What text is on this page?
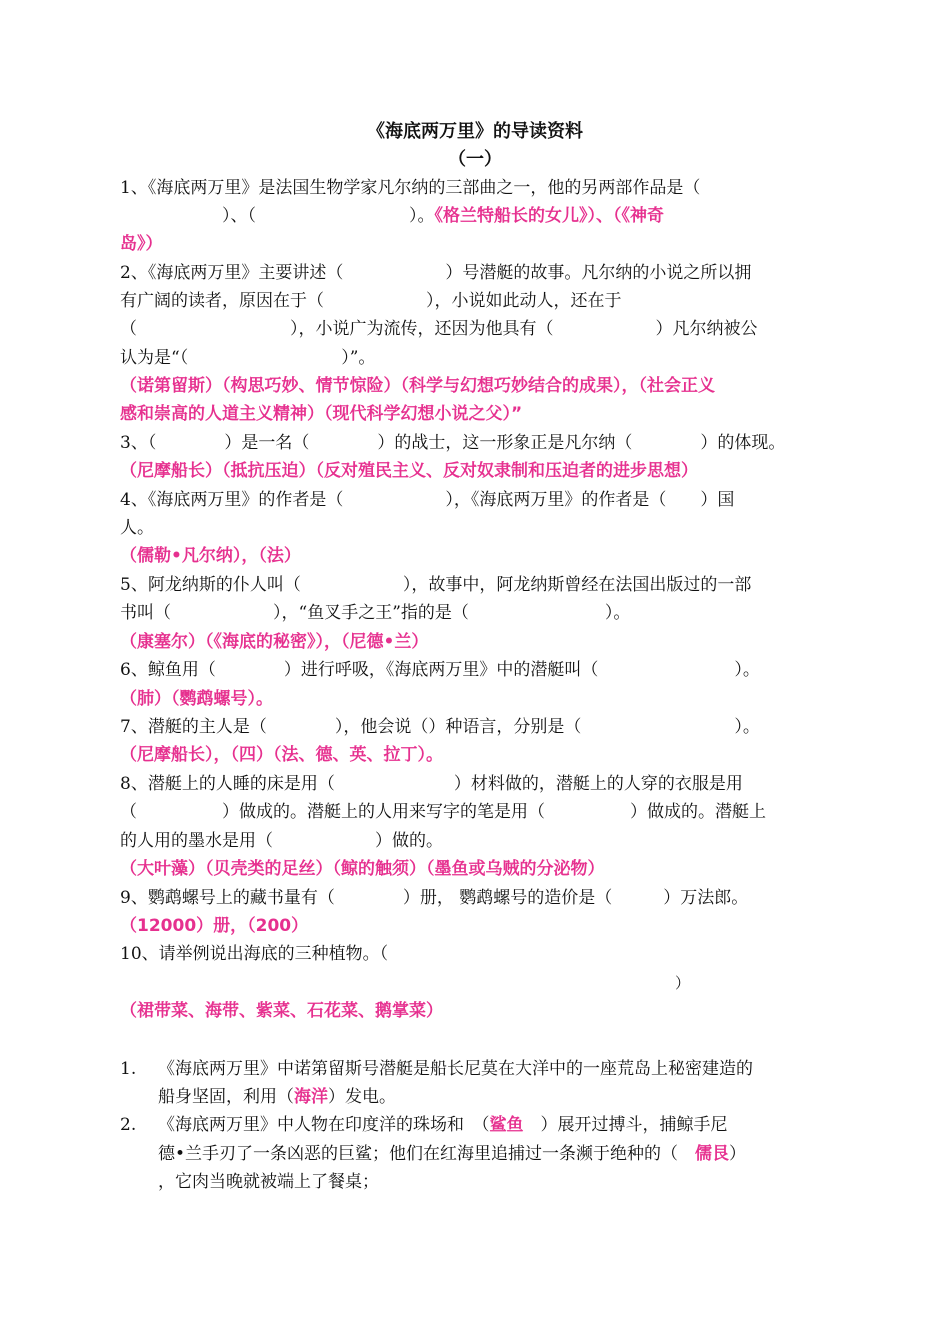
《海底两万里》的导读资料
（一）

1、《海底两万里》是法国生物学家凡尔纳的三部曲之一，他的另两部作品是（

　　　　　　）、（　　　　　　　　　）。《格兰特船长的女儿》）、（《神奇

岛》）

2、《海底两万里》主要讲述（　　　　　　）号潜艇的故事。凡尔纳的小说之所以拥

有广阔的读者，原因在于（　　　　　　），小说如此动人，还在于

（　　　　　　　　　），小说广为流传，还因为他具有（　　　　　　）凡尔纳被公

认为是“（　　　　　　　　　）”。

（诺第留斯）（构思巧妙、情节惊险）（科学与幻想巧妙结合的成果），（社会正义

感和崇高的人道主义精神）（现代科学幻想小说之父）”

3、（　　　　）是一名（　　　　）的战士，这一形象正是凡尔纳（　　　　）的体现。

（尼摩船长）（抵抗压迫）（反对殖民主义、反对奴隶制和压迫者的进步思想）

4、《海底两万里》的作者是（　　　　　　），《海底两万里》的作者是（　　）国

人。

（儒勒•凡尔纳），（法）

5、阿龙纳斯的仆人叫（　　　　　　），故事中，阿龙纳斯曾经在法国出版过的一部

书叫（　　　　　　），“鱼叉手之王”指的是（　　　　　　　　）。

（康塞尔）（《海底的秘密》），（尼德•兰）

6、鲸鱼用（　　　　）进行呼吸，《海底两万里》中的潜艇叫（　　　　　　　　）。

（肺）（鹦鹉螺号）。

7、潜艇的主人是（　　　　），他会说（）种语言，分别是（　　　　　　　　　）。

（尼摩船长），（四）（法、德、英、拉丁）。

8、潜艇上的人睡的床是用（　　　　　　　）材料做的，潜艇上的人穿的衣服是用

（　　　　　）做成的。潜艇上的人用来写字的笔是用（　　　　　）做成的。潜艇上

的人用的墨水是用（　　　　　　）做的。

（大叶藻）（贝壳类的足丝）（鲸的触须）（墨鱼或乌贼的分泌物）

9、鹦鹉螺号上的藏书量有（　　　　）册， 鹦鹉螺号的造价是（　　　）万法郎。

（12000）册，（200）

10、请举例说出海底的三种植物。（

　　　　　　　　　　　　　　　　　　　　　　　　　　　　　　　　　　　　　）

（裙带菜、海带、紫菜、石花菜、鹅掌菜）

1. 《海底两万里》中诺第留斯号潜艇是船长尼莫在大洋中的一座荒岛上秘密建造的

船身坚固，利用（海洋）发电。

2. 《海底两万里》中人物在印度洋的珠场和　（鲨鱼　）展开过搏斗，捕鲸手尼

德•兰手刃了一条凶恶的巨鲨；他们在红海里追捕过一条濒于绝种的（　儒艮）

，它肉当晚就被端上了餐桌；
